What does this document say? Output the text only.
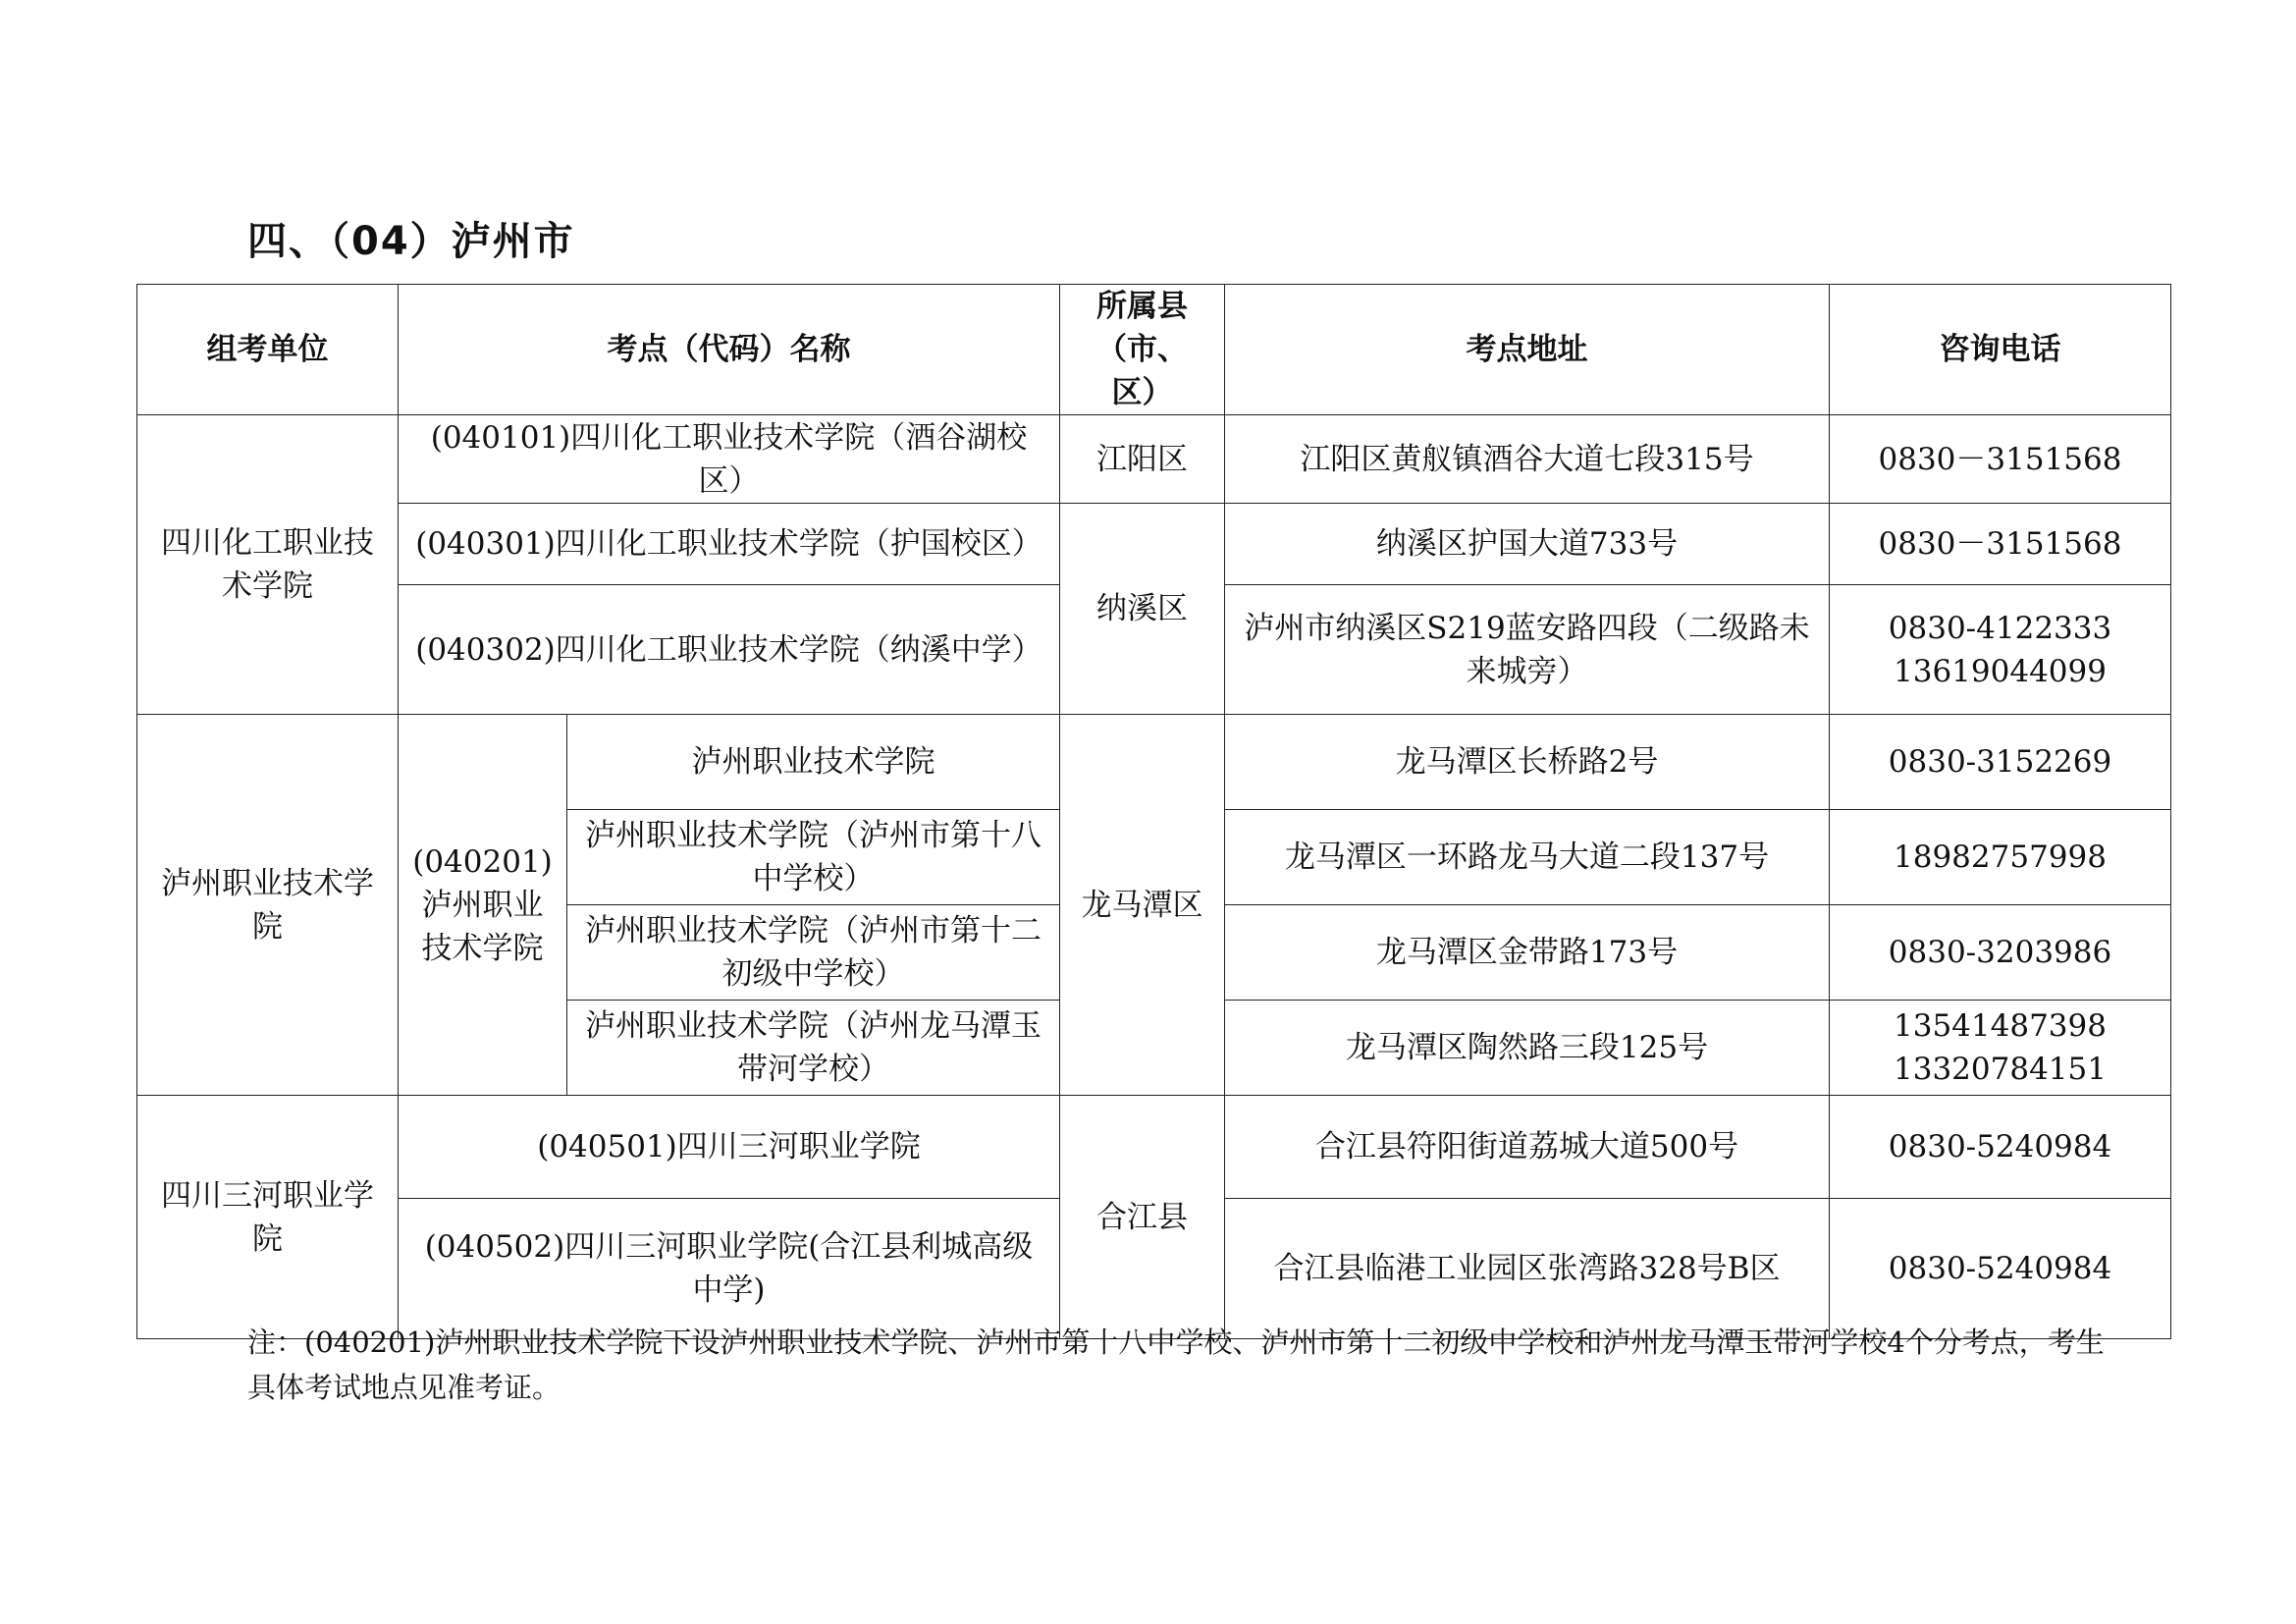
四、（04）泸州市
组考单位	考点（代码）名称		所属县（市、区）	考点地址	咨询电话
四川化工职业技术学院	(040101)四川化工职业技术学院（酒谷湖校区）		江阳区	江阳区黄舣镇酒谷大道七段315号	0830－3151568
	(040301)四川化工职业技术学院（护国校区）		纳溪区	纳溪区护国大道733号	0830－3151568
	(040302)四川化工职业技术学院（纳溪中学）			泸州市纳溪区S219蓝安路四段（二级路未来城旁）	0830-4122333
13619044099
泸州职业技术学院	(040201)泸州职业技术学院	泸州职业技术学院	龙马潭区	龙马潭区长桥路2号	0830-3152269
		泸州职业技术学院（泸州市第十八中学校）		龙马潭区一环路龙马大道二段137号	18982757998
		泸州职业技术学院（泸州市第十二初级中学校）		龙马潭区金带路173号	0830-3203986
		泸州职业技术学院（泸州龙马潭玉带河学校）		龙马潭区陶然路三段125号	13541487398
13320784151
四川三河职业学院	(040501)四川三河职业学院		合江县	合江县符阳街道荔城大道500号	0830-5240984
	(040502)四川三河职业学院(合江县利城高级中学)			合江县临港工业园区张湾路328号B区	0830-5240984
注：(040201)泸州职业技术学院下设泸州职业技术学院、泸州市第十八中学校、泸州市第十二初级中学校和泸州龙马潭玉带河学校4个分考点，考生具体考试地点见准考证。
